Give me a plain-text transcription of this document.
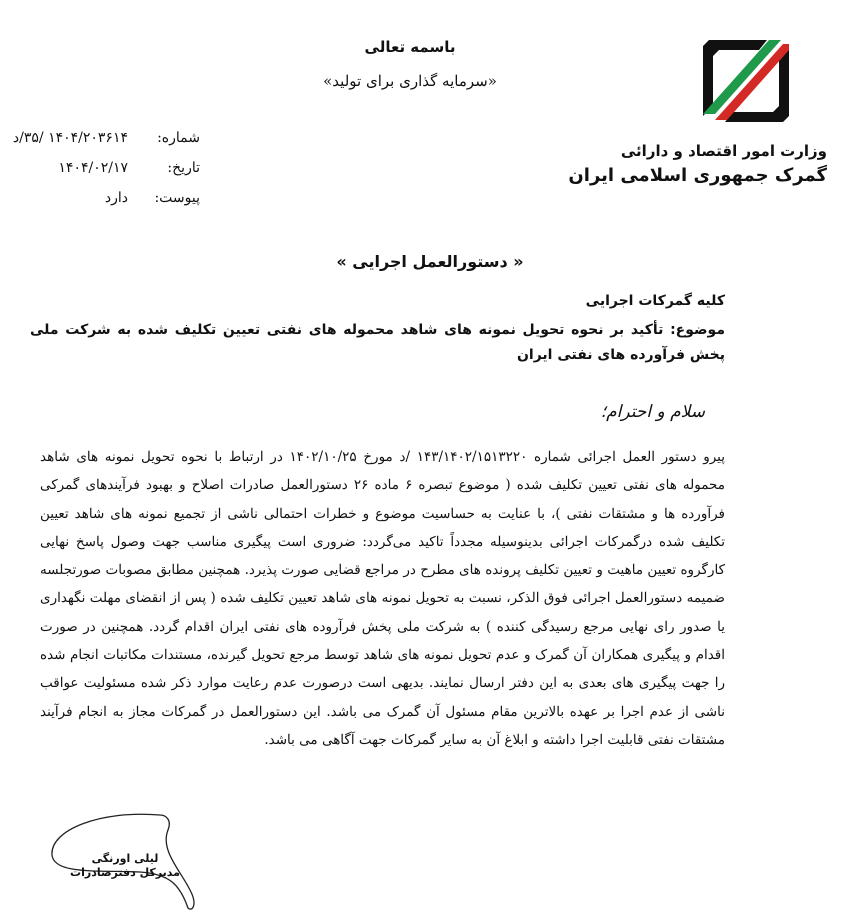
وزارت امور اقتصاد و دارائی
گمرک جمهوری اسلامی ایران
باسمه تعالی
«سرمایه گذاری برای تولید»
شماره:
۱۴۰۴/۲۰۳۶۱۴ /۳۵/د
تاریخ:
۱۴۰۴/۰۲/۱۷
پیوست:
دارد
« دستورالعمل اجرایی »
کلیه گمرکات اجرایی
موضوع: تأکید بر نحوه تحویل نمونه های شاهد محموله های نفتی تعیین تکلیف شده به شرکت ملی پخش فرآورده های نفتی ایران
سلام و احترام؛
پیرو دستور العمل اجرائی شماره ۱۴۳/۱۴۰۲/۱۵۱۳۲۲۰ /د مورخ ۱۴۰۲/۱۰/۲۵ در ارتباط با نحوه تحویل نمونه های شاهد محموله های نفتی تعیین تکلیف شده ( موضوع تبصره ۶ ماده ۲۶ دستورالعمل صادرات اصلاح و بهبود فرآیندهای گمرکی فرآورده ها و مشتقات نفتی )، با عنایت به حساسیت موضوع و خطرات احتمالی ناشی از تجمیع نمونه های شاهد تعیین تکلیف شده درگمرکات اجرائی بدینوسیله مجدداً تاکید می‌گردد: ضروری است پیگیری مناسب جهت وصول پاسخ نهایی کارگروه تعیین ماهیت و تعیین تکلیف پرونده های مطرح در مراجع قضایی صورت پذیرد. همچنین مطابق مصوبات صورتجلسه ضمیمه دستورالعمل اجرائی فوق الذکر، نسبت به تحویل نمونه های شاهد تعیین تکلیف شده ( پس از انقضای مهلت نگهداری یا صدور رای نهایی مرجع رسیدگی کننده ) به شرکت ملی پخش فرآروده های نفتی ایران اقدام گردد. همچنین در صورت اقدام و پیگیری همکاران آن گمرک و عدم تحویل نمونه های شاهد توسط مرجع تحویل گیرنده، مستندات مکاتبات انجام شده را جهت پیگیری های بعدی به این دفتر ارسال نمایند. بدیهی است درصورت عدم رعایت موارد ذکر شده مسئولیت عواقب ناشی از عدم اجرا بر عهده بالاترین مقام مسئول آن گمرک می باشد. این دستورالعمل در گمرکات مجاز به انجام فرآیند مشتقات نفتی قابلیت اجرا داشته و ابلاغ آن به سایر گمرکات جهت آگاهی می باشد.
لیلی اورنگی
مدیرکل دفترصادرات
